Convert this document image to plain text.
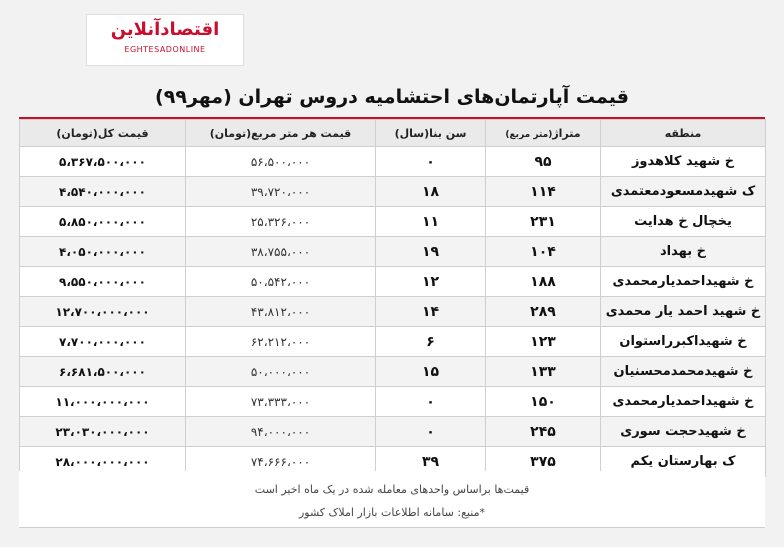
اقتصادآنلاین
EGHTESADONLINE
قیمت آپارتمان‌های احتشامیه دروس تهران (مهر۹۹)
منطقه	متراژ(متر مربع)	سن بنا(سال)	قیمت هر متر مربع(تومان)	قیمت کل(تومان)
خ شهید کلاهدوز	۹۵	۰	۵۶،۵۰۰،۰۰۰	۵،۳۶۷،۵۰۰،۰۰۰
ک شهیدمسعودمعتمدی	۱۱۴	۱۸	۳۹،۷۲۰،۰۰۰	۴،۵۴۰،۰۰۰،۰۰۰
یخچال خ هدایت	۲۳۱	۱۱	۲۵،۳۲۶،۰۰۰	۵،۸۵۰،۰۰۰،۰۰۰
خ بهداد	۱۰۴	۱۹	۳۸،۷۵۵،۰۰۰	۴،۰۵۰،۰۰۰،۰۰۰
خ شهیداحمدیارمحمدی	۱۸۸	۱۲	۵۰،۵۴۲،۰۰۰	۹،۵۵۰،۰۰۰،۰۰۰
خ شهید احمد یار محمدی	۲۸۹	۱۴	۴۳،۸۱۲،۰۰۰	۱۲،۷۰۰،۰۰۰،۰۰۰
خ شهیداکبرراستوان	۱۲۳	۶	۶۲،۲۱۲،۰۰۰	۷،۷۰۰،۰۰۰،۰۰۰
خ شهیدمحمدمحسنیان	۱۳۳	۱۵	۵۰،۰۰۰،۰۰۰	۶،۶۸۱،۵۰۰،۰۰۰
خ شهیداحمدیارمحمدی	۱۵۰	۰	۷۳،۳۳۳،۰۰۰	۱۱،۰۰۰،۰۰۰،۰۰۰
خ شهیدحجت سوری	۲۴۵	۰	۹۴،۰۰۰،۰۰۰	۲۳،۰۳۰،۰۰۰،۰۰۰
ک بهارستان یکم	۳۷۵	۳۹	۷۴،۶۶۶،۰۰۰	۲۸،۰۰۰،۰۰۰،۰۰۰
قیمت‌ها براساس واحدهای معامله شده در یک ماه اخیر است
*منبع: سامانه اطلاعات بازار املاک کشور
